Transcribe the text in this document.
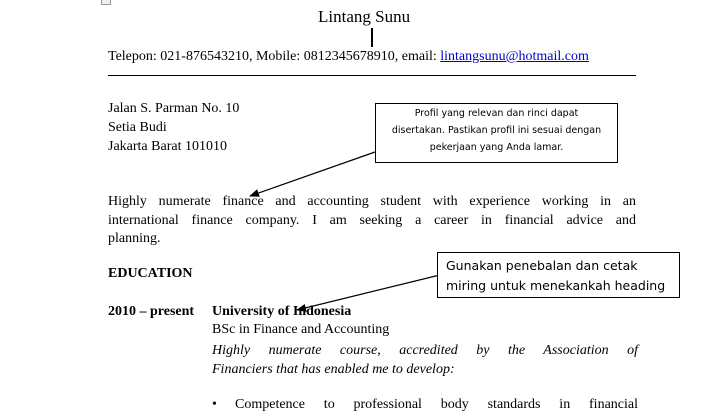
Lintang Sunu
Telepon: 021-876543210, Mobile: 0812345678910, email: lintangsunu@hotmail.com
Jalan S. Parman No. 10
Setia Budi
Jakarta Barat 101010
Highly numerate finance and accounting student with experience working in an
international finance company. I am seeking a career in financial advice and
planning.
EDUCATION
2010 – present University of Indonesia
BSc in Finance and Accounting
Highly numerate course, accredited by the Association of
Financiers that has enabled me to develop:
• Competence to professional body standards in financial
Profil yang relevan dan rinci dapat
disertakan. Pastikan profil ini sesuai dengan
pekerjaan yang Anda lamar.
Gunakan penebalan dan cetak
miring untuk menekankah heading
